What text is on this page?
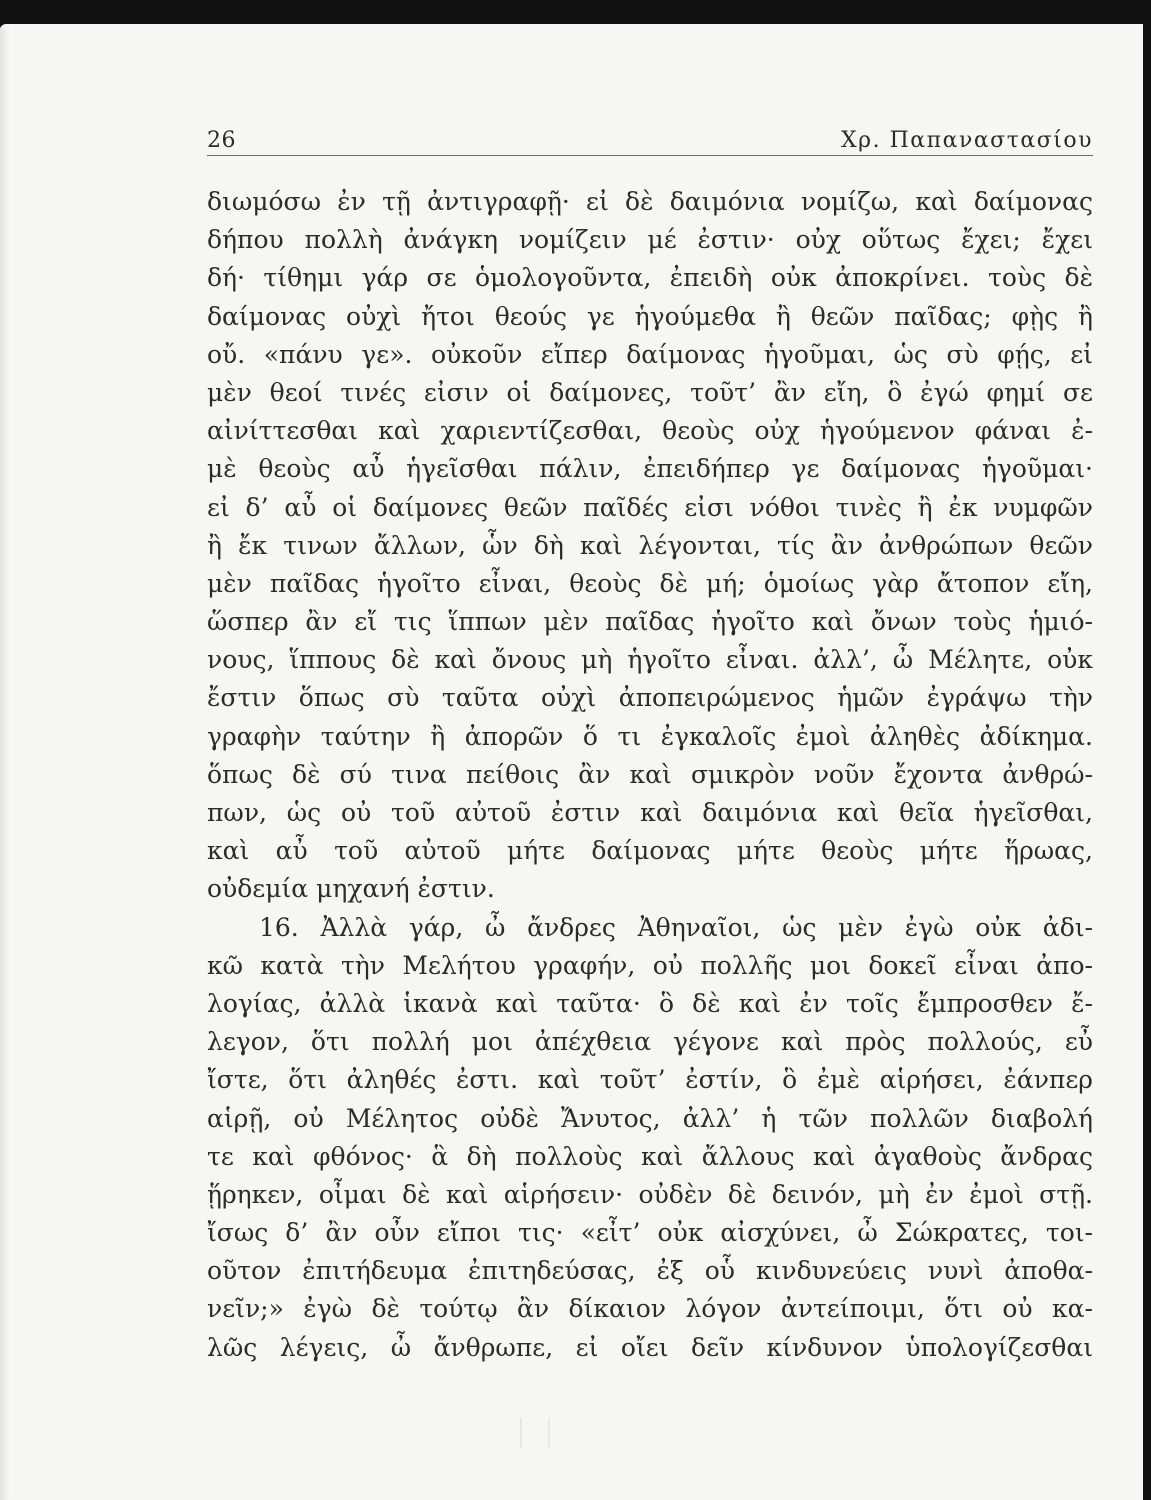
26	Χρ. Παπαναστασίου
διωμόσω ἐν τῇ ἀντιγραφῇ· εἰ δὲ δαιμόνια νομίζω, καὶ δαίμονας
δήπου πολλὴ ἀνάγκη νομίζειν μέ ἐστιν· οὐχ οὕτως ἔχει; ἔχει
δή· τίθημι γάρ σε ὁμολογοῦντα, ἐπειδὴ οὐκ ἀποκρίνει. τοὺς δὲ
δαίμονας οὐχὶ ἤτοι θεούς γε ἡγούμεθα ἢ θεῶν παῖδας; φῂς ἢ
οὔ. «πάνυ γε». οὐκοῦν εἴπερ δαίμονας ἡγοῦμαι, ὡς σὺ φῄς, εἰ
μὲν θεοί τινές εἰσιν οἱ δαίμονες, τοῦτ’ ἂν εἴη, ὃ ἐγώ φημί σε
αἰνίττεσθαι καὶ χαριεντίζεσθαι, θεοὺς οὐχ ἡγούμενον φάναι ἐ-
μὲ θεοὺς αὖ ἡγεῖσθαι πάλιν, ἐπειδήπερ γε δαίμονας ἡγοῦμαι·
εἰ δ’ αὖ οἱ δαίμονες θεῶν παῖδές εἰσι νόθοι τινὲς ἢ ἐκ νυμφῶν
ἢ ἔκ τινων ἄλλων, ὧν δὴ καὶ λέγονται, τίς ἂν ἀνθρώπων θεῶν
μὲν παῖδας ἡγοῖτο εἶναι, θεοὺς δὲ μή; ὁμοίως γὰρ ἄτοπον εἴη,
ὥσπερ ἂν εἴ τις ἵππων μὲν παῖδας ἡγοῖτο καὶ ὄνων τοὺς ἡμιό-
νους, ἵππους δὲ καὶ ὄνους μὴ ἡγοῖτο εἶναι. ἀλλ’, ὦ Μέλητε, οὐκ
ἔστιν ὅπως σὺ ταῦτα οὐχὶ ἀποπειρώμενος ἡμῶν ἐγράψω τὴν
γραφὴν ταύτην ἢ ἀπορῶν ὅ τι ἐγκαλοῖς ἐμοὶ ἀληθὲς ἀδίκημα.
ὅπως δὲ σύ τινα πείθοις ἂν καὶ σμικρὸν νοῦν ἔχοντα ἀνθρώ-
πων, ὡς οὐ τοῦ αὐτοῦ ἐστιν καὶ δαιμόνια καὶ θεῖα ἡγεῖσθαι,
καὶ αὖ τοῦ αὐτοῦ μήτε δαίμονας μήτε θεοὺς μήτε ἥρωας,
οὐδεμία μηχανή ἐστιν.
16. Ἀλλὰ γάρ, ὦ ἄνδρες Ἀθηναῖοι, ὡς μὲν ἐγὼ οὐκ ἀδι-
κῶ κατὰ τὴν Μελήτου γραφήν, οὐ πολλῆς μοι δοκεῖ εἶναι ἀπο-
λογίας, ἀλλὰ ἱκανὰ καὶ ταῦτα· ὃ δὲ καὶ ἐν τοῖς ἔμπροσθεν ἔ-
λεγον, ὅτι πολλή μοι ἀπέχθεια γέγονε καὶ πρὸς πολλούς, εὖ
ἴστε, ὅτι ἀληθές ἐστι. καὶ τοῦτ’ ἐστίν, ὃ ἐμὲ αἱρήσει, ἐάνπερ
αἱρῇ, οὐ Μέλητος οὐδὲ Ἄνυτος, ἀλλ’ ἡ τῶν πολλῶν διαβολή
τε καὶ φθόνος· ἃ δὴ πολλοὺς καὶ ἄλλους καὶ ἀγαθοὺς ἄνδρας
ᾕρηκεν, οἶμαι δὲ καὶ αἱρήσειν· οὐδὲν δὲ δεινόν, μὴ ἐν ἐμοὶ στῇ.
ἴσως δ’ ἂν οὖν εἴποι τις· «εἶτ’ οὐκ αἰσχύνει, ὦ Σώκρατες, τοι-
οῦτον ἐπιτήδευμα ἐπιτηδεύσας, ἐξ οὗ κινδυνεύεις νυνὶ ἀποθα-
νεῖν;» ἐγὼ δὲ τούτῳ ἂν δίκαιον λόγον ἀντείποιμι, ὅτι οὐ κα-
λῶς λέγεις, ὦ ἄνθρωπε, εἰ οἴει δεῖν κίνδυνον ὑπολογίζεσθαι
